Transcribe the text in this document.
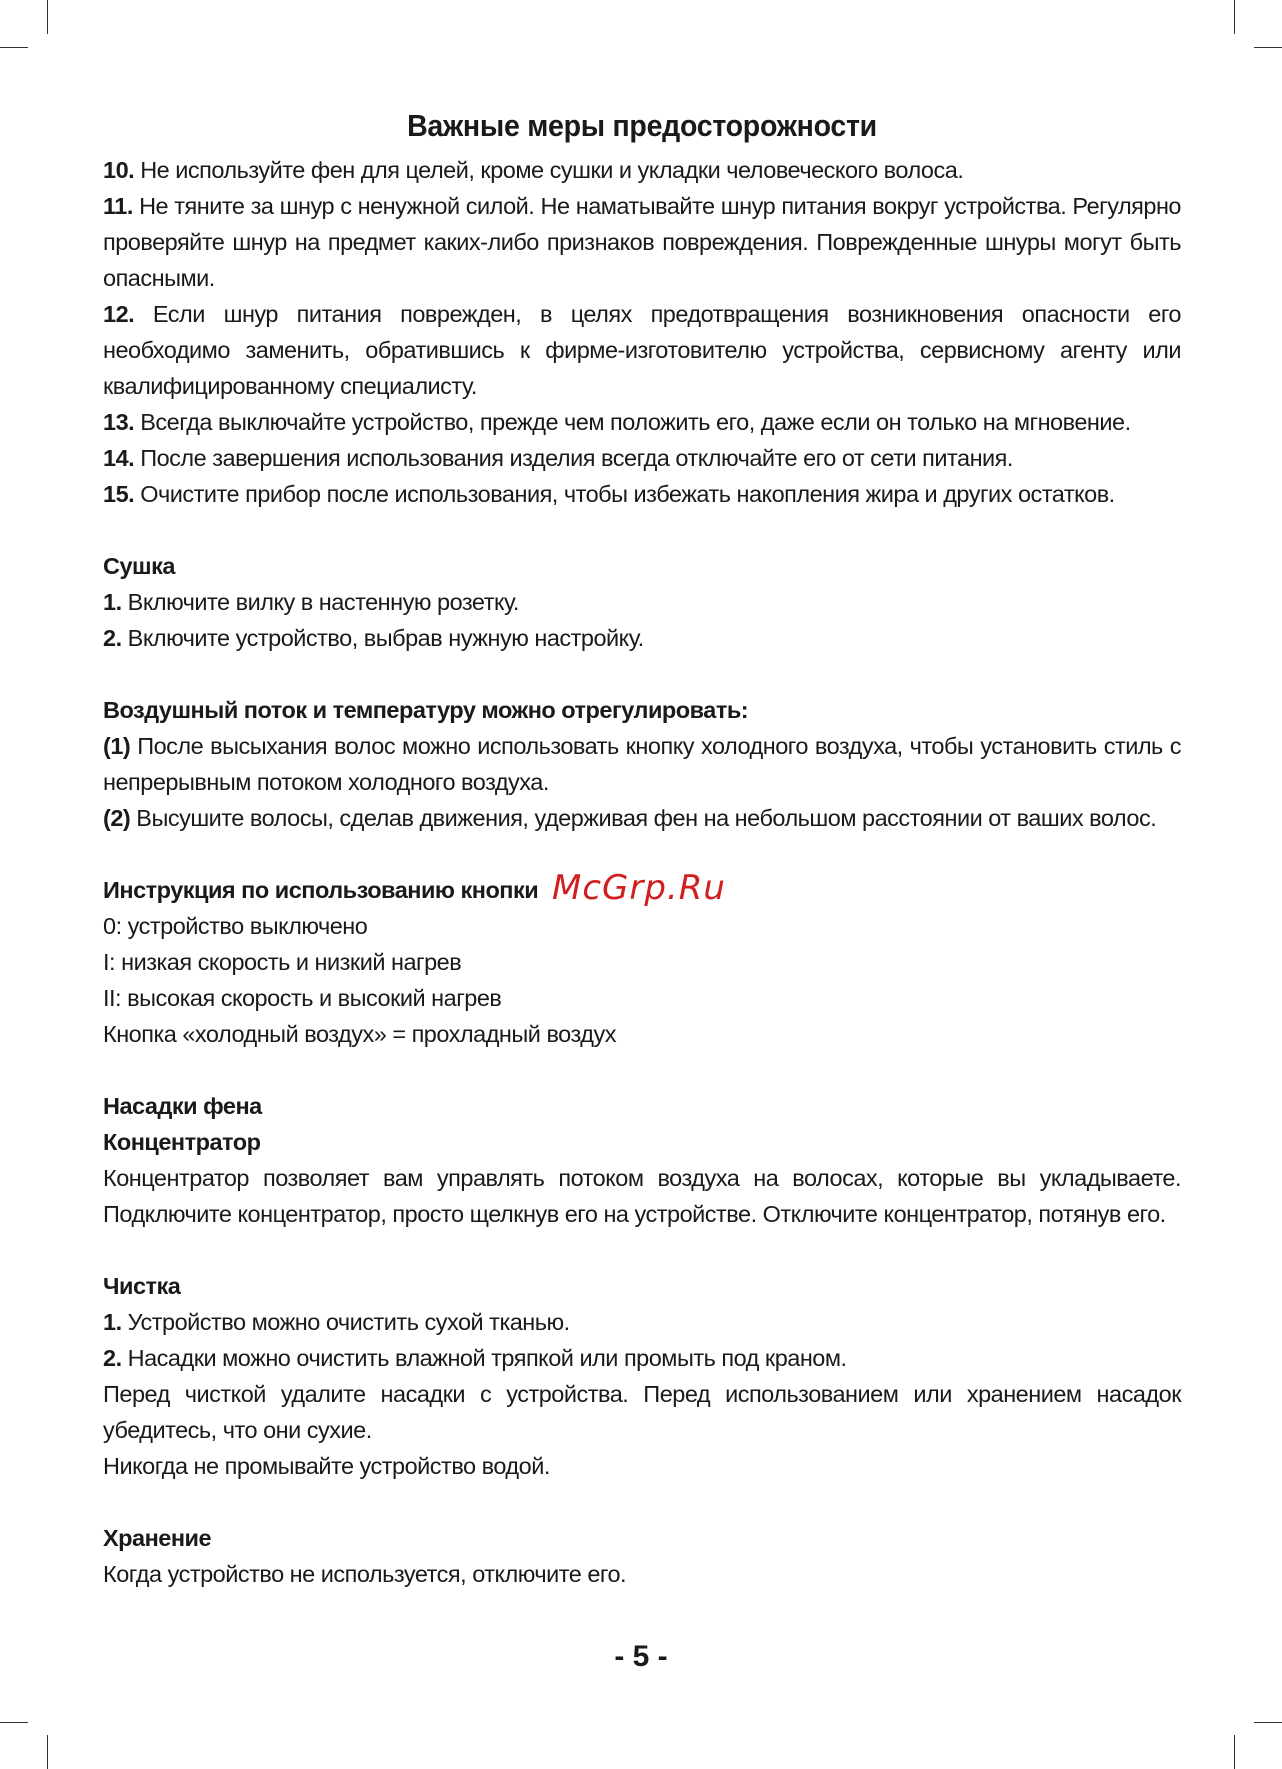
Важные меры предосторожности

10. Не используйте фен для целей, кроме сушки и укладки человеческого волоса.

11. Не тяните за шнур с ненужной силой. Не наматывайте шнур питания вокруг устройства. Регулярно проверяйте шнур на предмет каких-либо признаков повреждения. Поврежденные шнуры могут быть опасными.

12. Если шнур питания поврежден, в целях предотвращения возникновения опасности его необходимо заменить, обратившись к фирме-изготовителю устройства, сервисному агенту или квалифицированному специалисту.

13. Всегда выключайте устройство, прежде чем положить его, даже если он только на мгновение.

14. После завершения использования изделия всегда отключайте его от сети питания.

15. Очистите прибор после использования, чтобы избежать накопления жира и других остатков.

Сушка

1. Включите вилку в настенную розетку.

2. Включите устройство, выбрав нужную настройку.

Воздушный поток и температуру можно отрегулировать:

(1) После высыхания волос можно использовать кнопку холодного воздуха, чтобы установить стиль с непрерывным потоком холодного воздуха.

(2) Высушите волосы, сделав движения, удерживая фен на небольшом расстоянии от ваших волос.

Инструкция по использованию кнопки

0: устройство выключено

I: низкая скорость и низкий нагрев

II: высокая скорость и высокий нагрев

Кнопка «холодный воздух» = прохладный воздух

Насадки фена
Концентратор

Концентратор позволяет вам управлять потоком воздуха на волосах, которые вы укладываете. Подключите концентратор, просто щелкнув его на устройстве. Отключите концентратор, потянув его.

Чистка

1. Устройство можно очистить сухой тканью.

2. Насадки можно очистить влажной тряпкой или промыть под краном.

Перед чисткой удалите насадки с устройства. Перед использованием или хранением насадок убедитесь, что они сухие.

Никогда не промывайте устройство водой.

Хранение

Когда устройство не используется, отключите его.

McGrp.Ru
- 5 -
